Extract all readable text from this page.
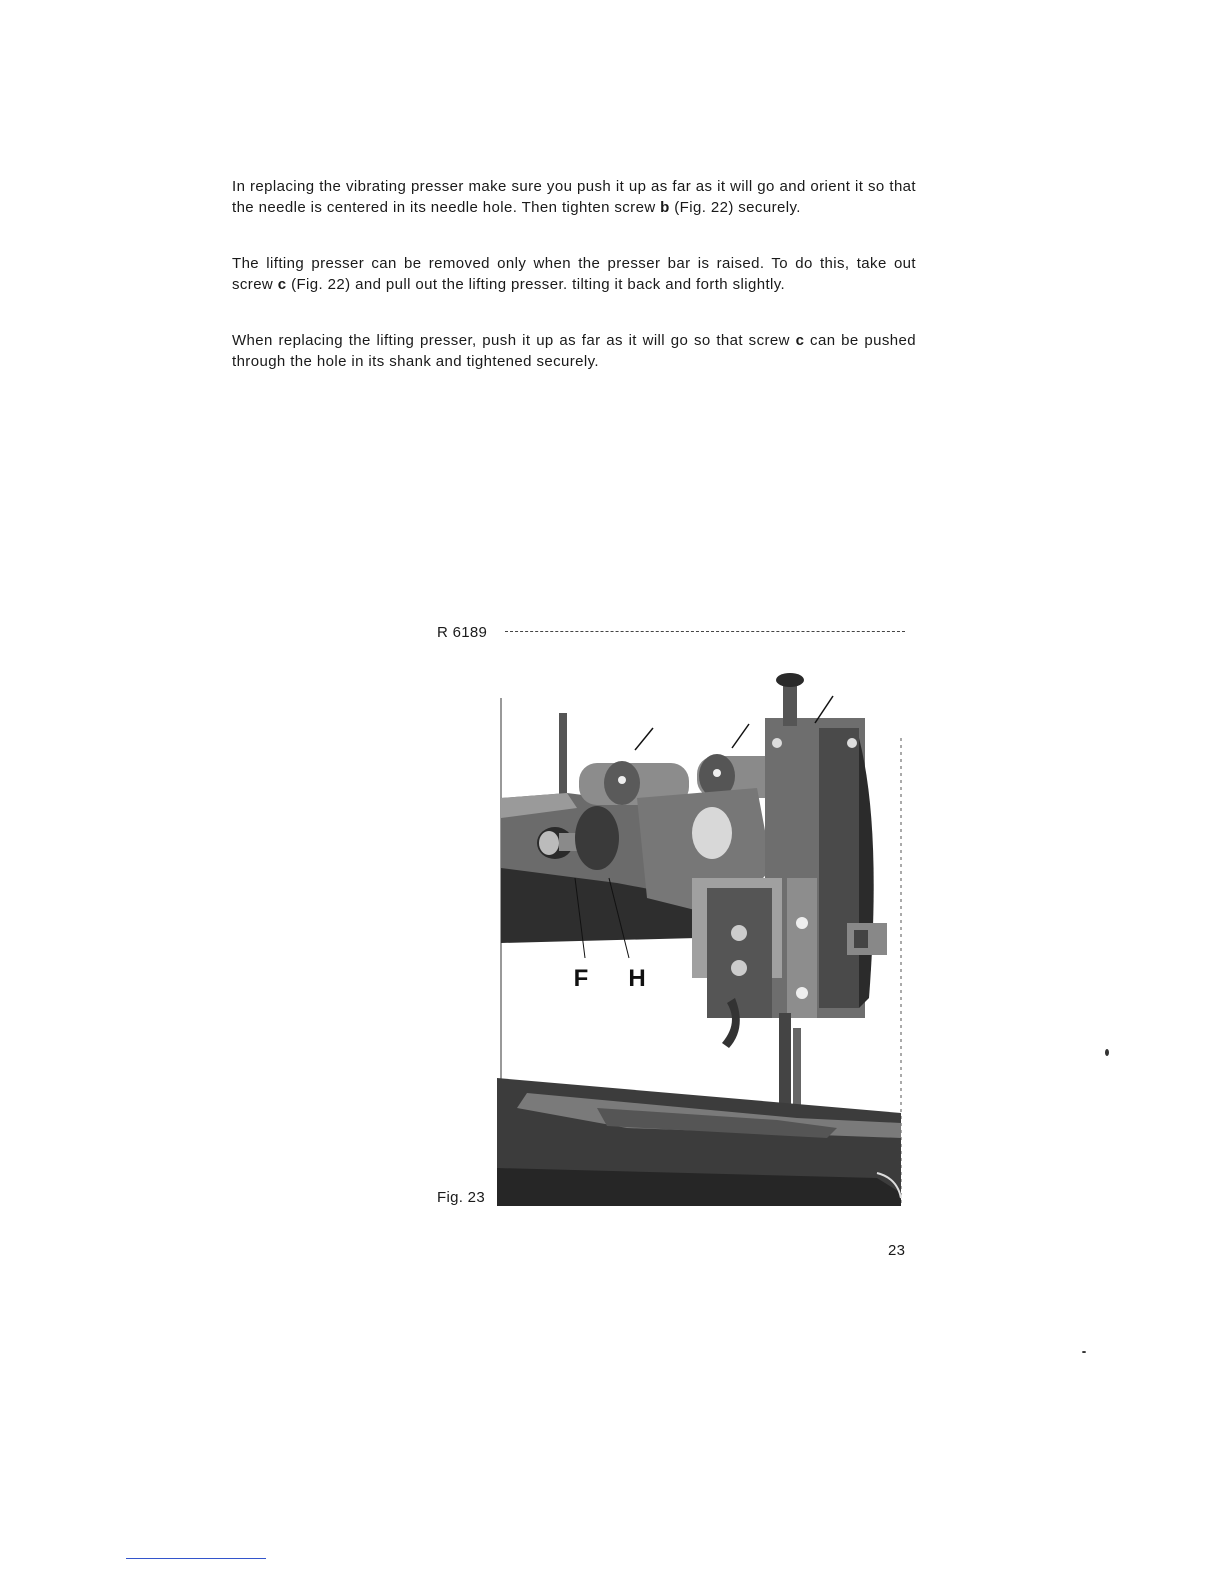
In replacing the vibrating presser make sure you push it up as far as it will go and orient it so that the needle is centered in its needle hole. Then tighten screw b (Fig. 22) securely.

The lifting presser can be removed only when the presser bar is raised. To do this, take out screw c (Fig. 22) and pull out the lifting presser. tilting it back and forth slightly.

When replacing the lifting presser, push it up as far as it will go so that screw c can be pushed through the hole in its shank and tightened securely.

R 6189
F H
Fig. 23
23
